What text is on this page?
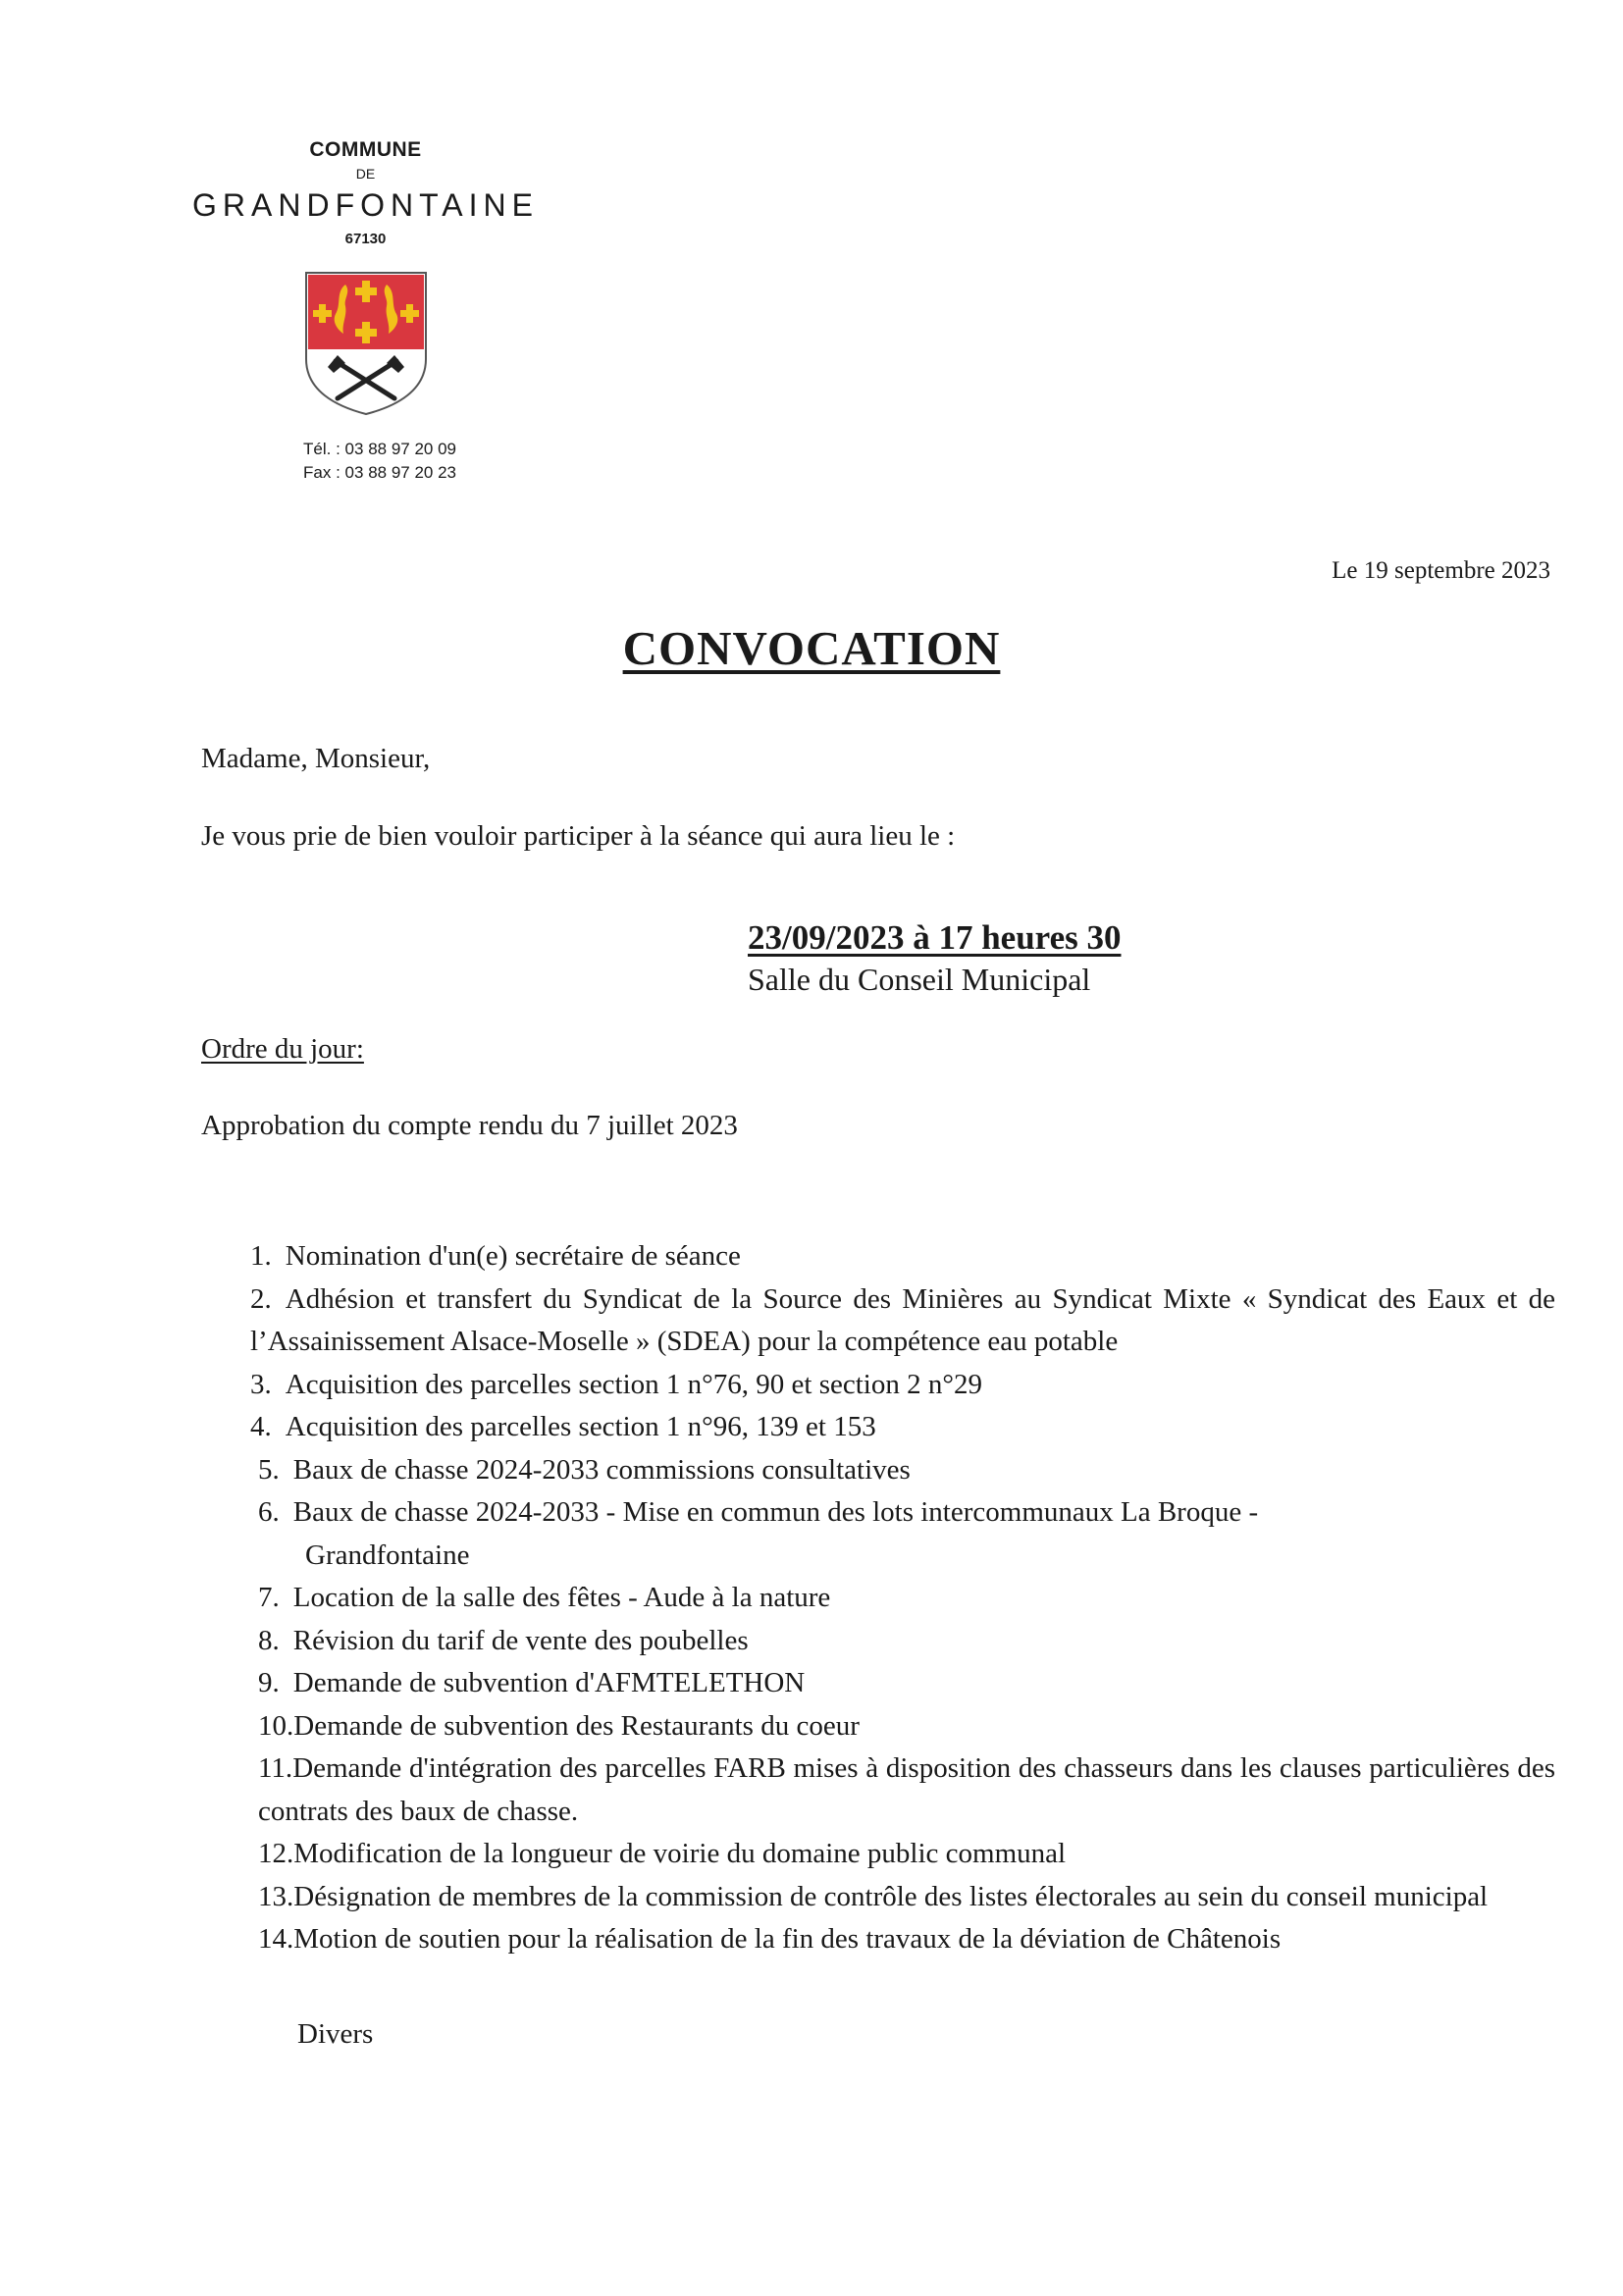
COMMUNE
DE
GRANDFONTAINE
67130
Tél. : 03 88 97 20 09
Fax : 03 88 97 20 23
Le 19 septembre 2023
CONVOCATION
Madame, Monsieur,
Je vous prie de bien vouloir participer à la séance qui aura lieu le :
23/09/2023 à 17 heures 30
Salle du Conseil Municipal
Ordre du jour:
Approbation du compte rendu du 7 juillet 2023
1. Nomination d'un(e) secrétaire de séance
2. Adhésion et transfert du Syndicat de la Source des Minières au Syndicat Mixte « Syndicat des Eaux et de l’Assainissement Alsace-Moselle » (SDEA) pour la compétence eau potable
3. Acquisition des parcelles section 1 n°76, 90 et section 2 n°29
4. Acquisition des parcelles section 1 n°96, 139 et 153
5. Baux de chasse 2024-2033 commissions consultatives
6. Baux de chasse 2024-2033 - Mise en commun des lots intercommunaux La Broque -
Grandfontaine
7. Location de la salle des fêtes - Aude à la nature
8. Révision du tarif de vente des poubelles
9. Demande de subvention d'AFMTELETHON
10.Demande de subvention des Restaurants du coeur
11.Demande d'intégration des parcelles FARB mises à disposition des chasseurs dans les clauses particulières des contrats des baux de chasse.
12.Modification de la longueur de voirie du domaine public communal
13.Désignation de membres de la commission de contrôle des listes électorales au sein du conseil municipal
14.Motion de soutien pour la réalisation de la fin des travaux de la déviation de Châtenois
Divers
